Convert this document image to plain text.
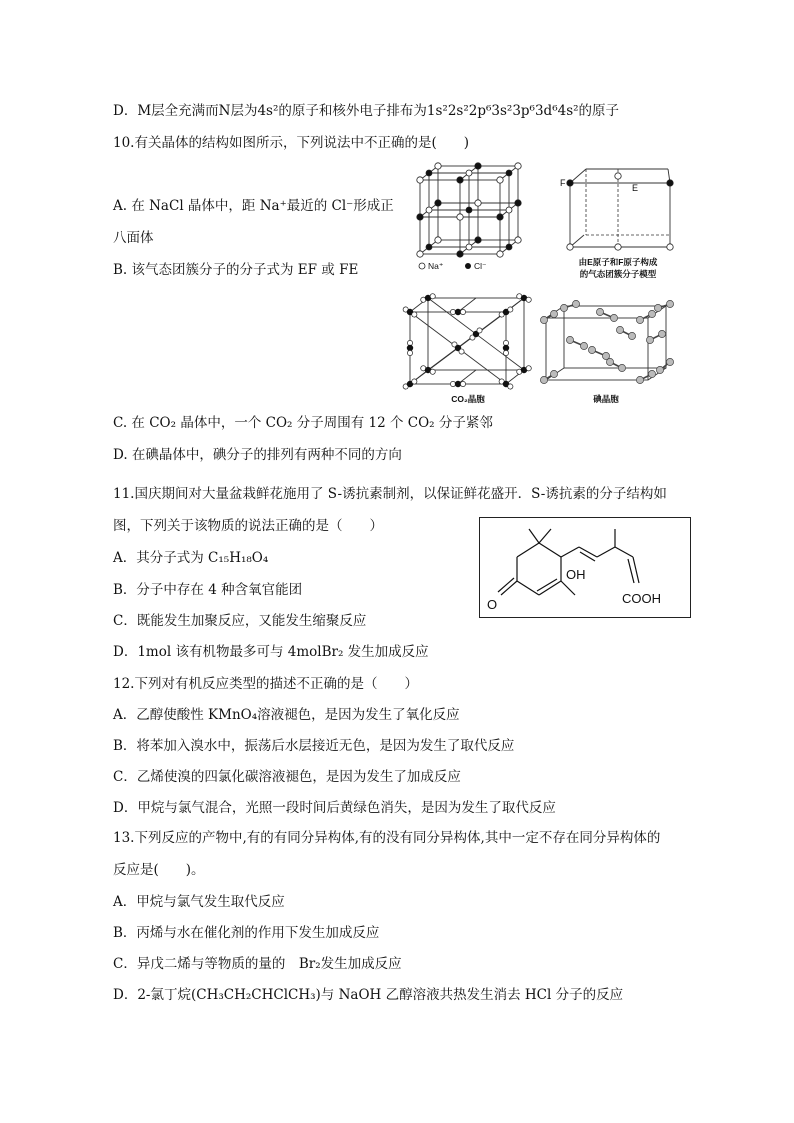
D．M层全充满而N层为4s²的原子和核外电子排布为1s²2s²2p⁶3s²3p⁶3d⁶4s²的原子
10.有关晶体的结构如图所示，下列说法中不正确的是(　　)
A. 在 NaCl 晶体中，距 Na⁺最近的 Cl⁻形成正
八面体
B. 该气态团簇分子的分子式为 EF 或 FE
C. 在 CO₂ 晶体中，一个 CO₂ 分子周围有 12 个 CO₂ 分子紧邻
D. 在碘晶体中，碘分子的排列有两种不同的方向
11.国庆期间对大量盆栽鲜花施用了 S-诱抗素制剂，以保证鲜花盛开．S-诱抗素的分子结构如
图，下列关于该物质的说法正确的是（　　）
A．其分子式为 C₁₅H₁₈O₄
B．分子中存在 4 种含氧官能团
C．既能发生加聚反应，又能发生缩聚反应
D．1mol 该有机物最多可与 4molBr₂ 发生加成反应
12.下列对有机反应类型的描述不正确的是（　　）
A．乙醇使酸性 KMnO₄溶液褪色，是因为发生了氧化反应
B．将苯加入溴水中，振荡后水层接近无色，是因为发生了取代反应
C．乙烯使溴的四氯化碳溶液褪色，是因为发生了加成反应
D．甲烷与氯气混合，光照一段时间后黄绿色消失，是因为发生了取代反应
13.下列反应的产物中,有的有同分异构体,有的没有同分异构体,其中一定不存在同分异构体的
反应是(　　)。
A．甲烷与氯气发生取代反应
B．丙烯与水在催化剂的作用下发生加成反应
C．异戊二烯与等物质的量的　Br₂发生加成反应
D．2-氯丁烷(CH₃CH₂CHClCH₃)与 NaOH 乙醇溶液共热发生消去 HCl 分子的反应
Na⁺	Cl⁻
F	E
由E原子和F原子构成
的气态团簇分子模型
CO₂晶胞	碘晶胞
OH
O	COOH
